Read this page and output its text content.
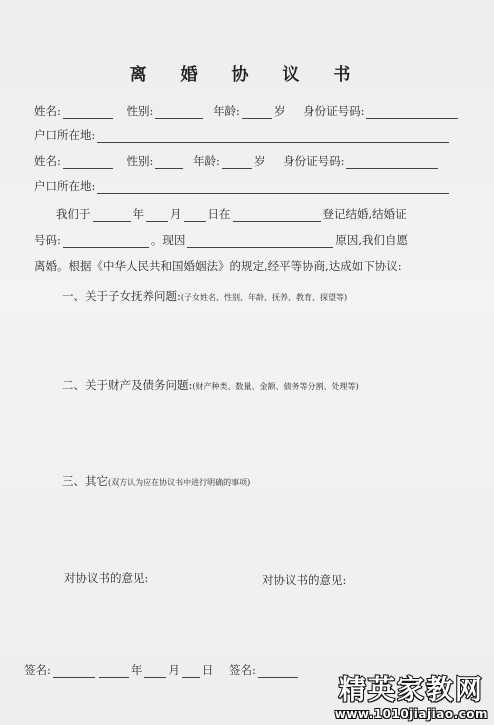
离 婚 协 议 书
姓名:	性别:	年龄:	岁 身份证号码:
户口所在地:
姓名:	性别:	年龄:	岁 身份证号码:
户口所在地:
我们于	年 月 日在	登记结婚,结婚证
号码:	。现因	原因,我们自愿
离婚。根据《中华人民共和国婚姻法》的规定,经平等协商,达成如下协议:
一、关于子女抚养问题:(子女姓名、性别、年龄、抚养、教育、探望等)
二、关于财产及债务问题:(财产种类、数量、金额、债务等分割、处理等)
三、其它(双方认为应在协议书中进行明确的事项)
对协议书的意见:	对协议书的意见:
签名:	年 月 日 签名:
精英家教网
www.1010jiajiao.com
